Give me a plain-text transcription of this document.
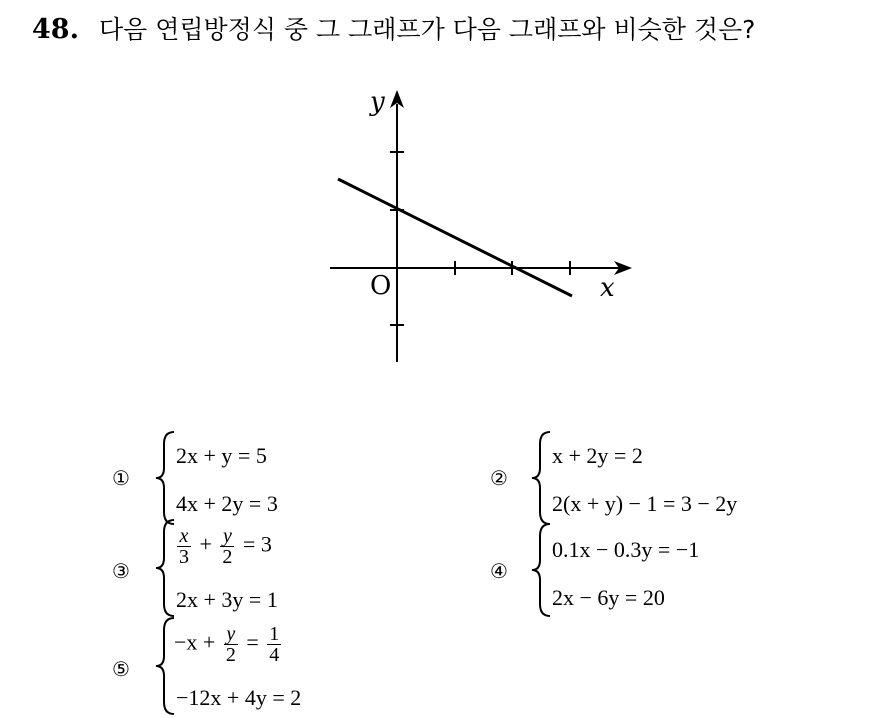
48. 다음 연립방정식 중 그 그래프가 다음 그래프와 비슷한 것은?
y
x
O
①
2x + y = 5
4x + 2y = 3
②
x + 2y = 2
2(x + y) − 1 = 3 − 2y
③
$\frac{x}{3} + \frac{y}{2} = 3$
2x + 3y = 1
④
0.1x − 0.3y = −1
2x − 6y = 20
⑤
$-x + \frac{y}{2} = \frac{1}{4}$
−12x + 4y = 2
